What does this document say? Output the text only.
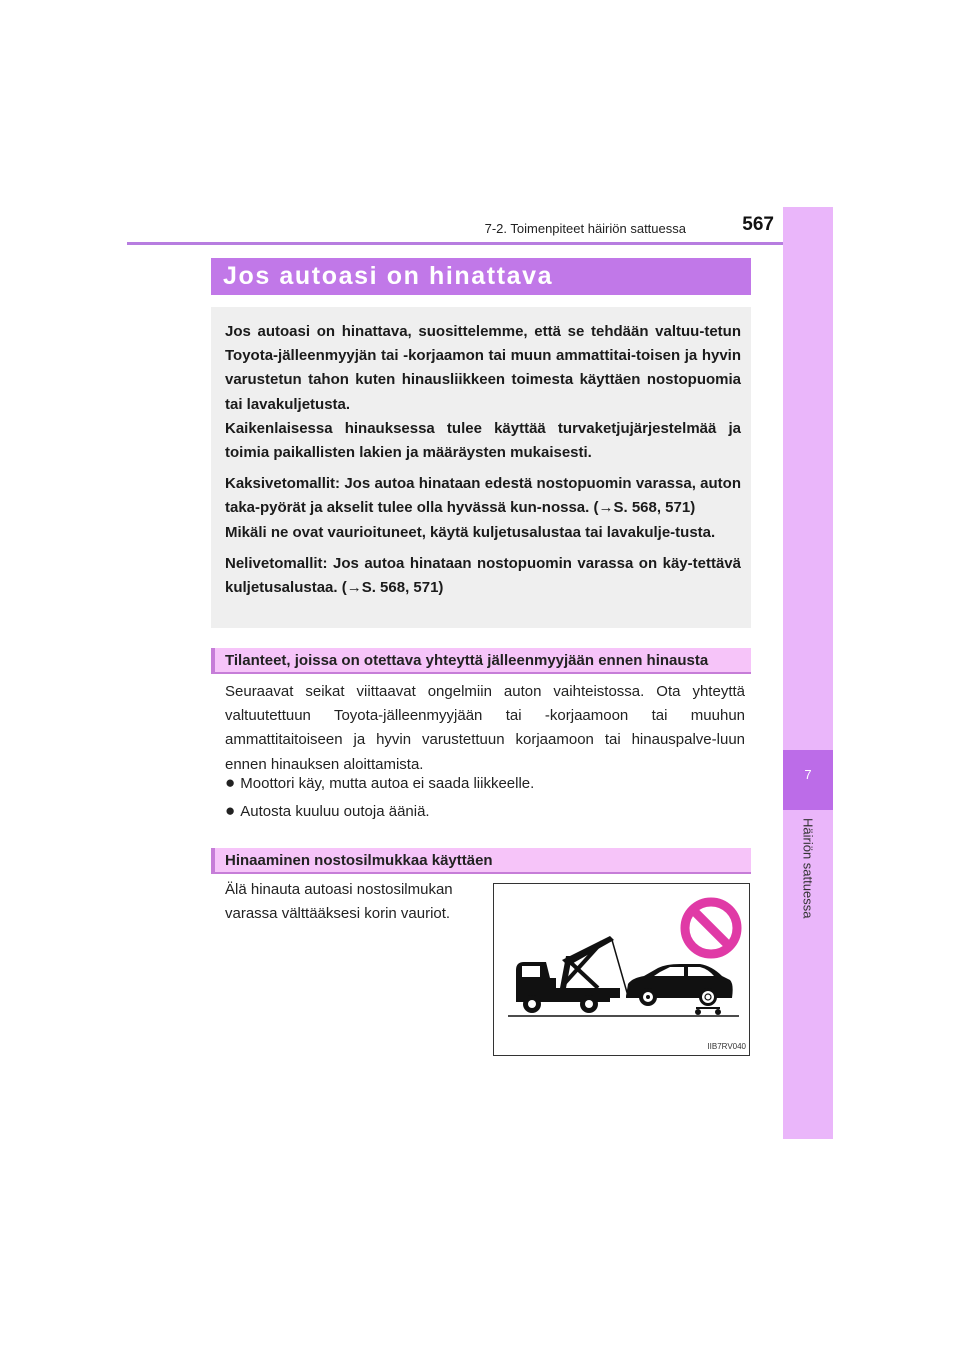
7-2. Toimenpiteet häiriön sattuessa	567
7
Häiriön sattuessa
Jos autoasi on hinattava

Jos autoasi on hinattava, suosittelemme, että se tehdään valtuu-tetun Toyota-jälleenmyyjän tai -korjaamon tai muun ammattitai-toisen ja hyvin varustetun tahon kuten hinausliikkeen toimesta käyttäen nostopuomia tai lavakuljetusta.

Kaikenlaisessa hinauksessa tulee käyttää turvaketjujärjestelmää ja toimia paikallisten lakien ja määräysten mukaisesti.

Kaksivetomallit: Jos autoa hinataan edestä nostopuomin varassa, auton taka-pyörät ja akselit tulee olla hyvässä kun-nossa. (→S. 568, 571)

Mikäli ne ovat vaurioituneet, käytä kuljetusalustaa tai lavakulje-tusta.

Nelivetomallit: Jos autoa hinataan nostopuomin varassa on käy-tettävä kuljetusalustaa. (→S. 568, 571)

Tilanteet, joissa on otettava yhteyttä jälleenmyyjään ennen hinausta
Seuraavat seikat viittaavat ongelmiin auton vaihteistossa. Ota yhteyttä valtuutettuun Toyota-jälleenmyyjään tai -korjaamoon tai muuhun ammattitaitoiseen ja hyvin varustettuun korjaamoon tai hinauspalve-luun ennen hinauksen aloittamista.
● Moottori käy, mutta autoa ei saada liikkeelle.
● Autosta kuuluu outoja ääniä.
Hinaaminen nostosilmukkaa käyttäen
Älä hinauta autoasi nostosilmukan
varassa välttääksesi korin vauriot.
IIB7RV040
